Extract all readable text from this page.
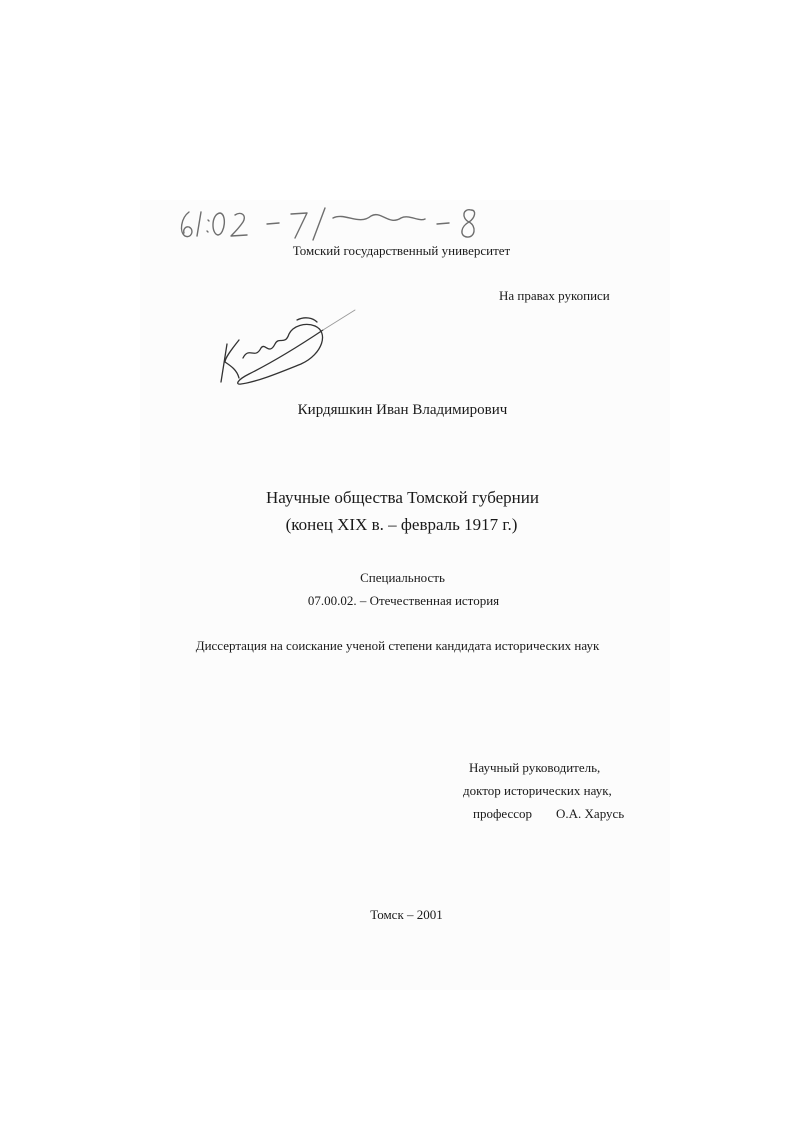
Томский государственный университет
На правах рукописи
Кирдяшкин Иван Владимирович
Научные общества Томской губернии
(конец XIX в. – февраль 1917 г.)
Специальность
07.00.02. – Отечественная история
Диссертация на соискание ученой степени кандидата исторических наук
Научный руководитель,
доктор исторических наук,
профессор О.А. Харусь
Томск – 2001
